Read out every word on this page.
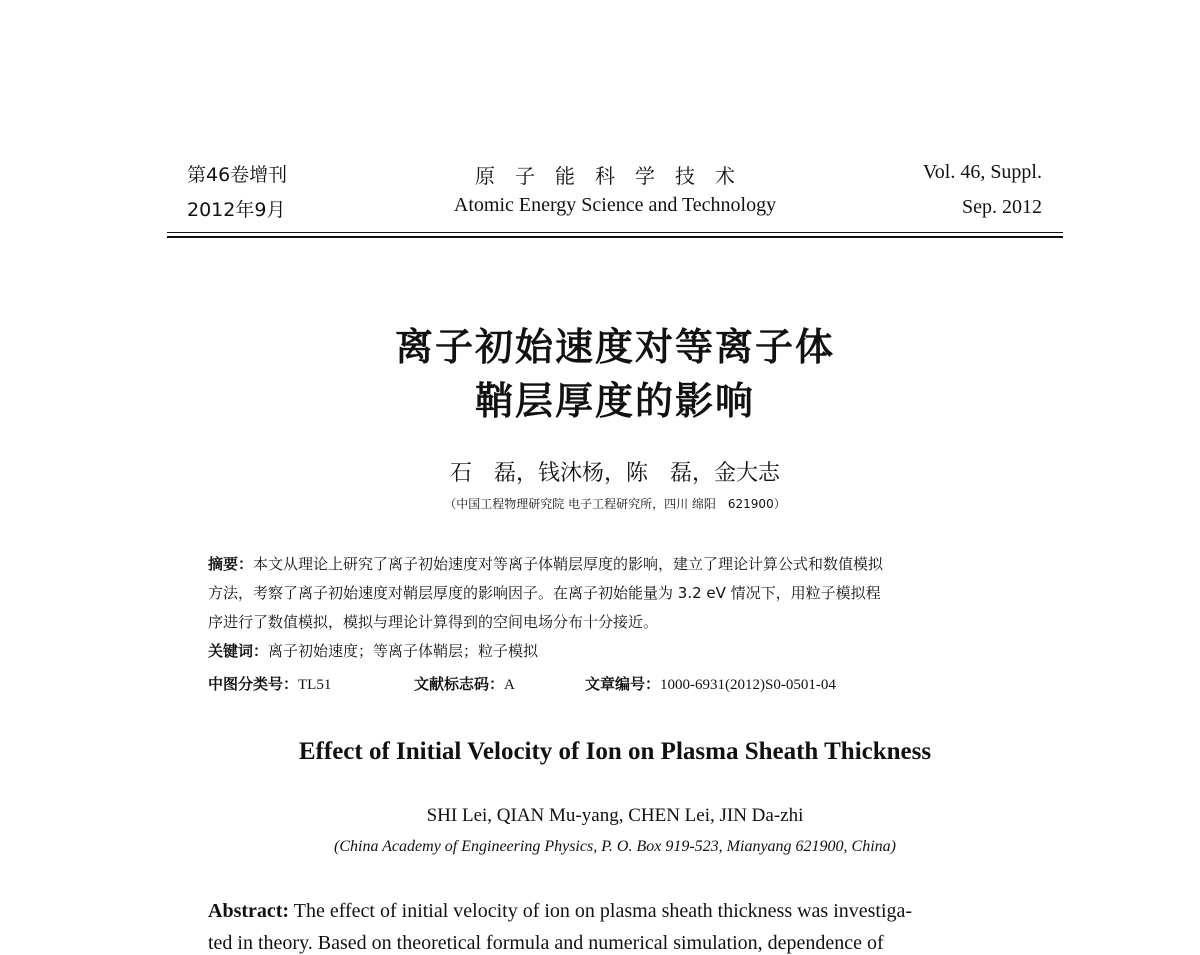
第46卷增刊
2012年9月
原子能科学技术
Atomic Energy Science and Technology
Vol. 46, Suppl.
Sep. 2012
离子初始速度对等离子体
鞘层厚度的影响
石　磊，钱沐杨，陈　磊，金大志
（中国工程物理研究院 电子工程研究所，四川 绵阳　621900）
摘要：本文从理论上研究了离子初始速度对等离子体鞘层厚度的影响，建立了理论计算公式和数值模拟
方法，考察了离子初始速度对鞘层厚度的影响因子。在离子初始能量为 3.2 eV 情况下，用粒子模拟程
序进行了数值模拟，模拟与理论计算得到的空间电场分布十分接近。
关键词：离子初始速度；等离子体鞘层；粒子模拟
中图分类号：TL51	文献标志码：A	文章编号：1000-6931(2012)S0-0501-04
Effect of Initial Velocity of Ion on Plasma Sheath Thickness
SHI Lei, QIAN Mu-yang, CHEN Lei, JIN Da-zhi
(China Academy of Engineering Physics, P. O. Box 919-523, Mianyang 621900, China)
Abstract: The effect of initial velocity of ion on plasma sheath thickness was investiga-
ted in theory. Based on theoretical formula and numerical simulation, dependence of
